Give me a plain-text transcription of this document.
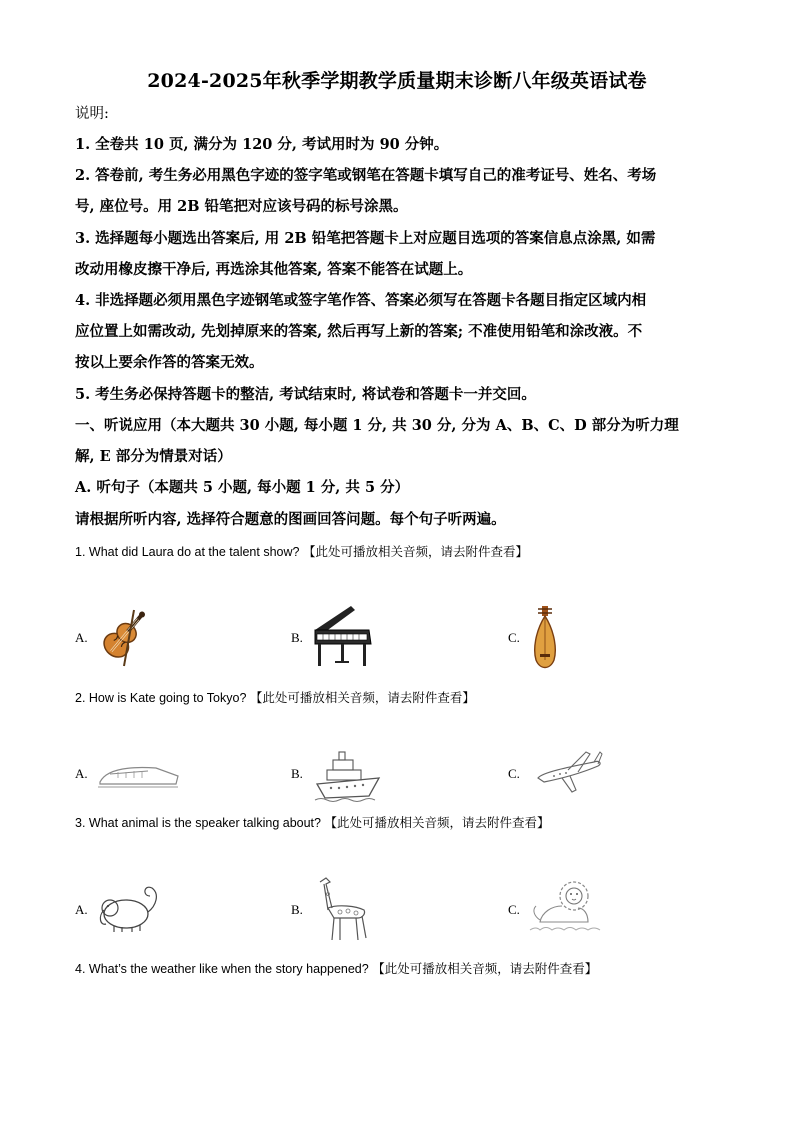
2024-2025年秋季学期教学质量期末诊断八年级英语试卷
说明:
1. 全卷共 10 页, 满分为 120 分, 考试用时为 90 分钟。
2. 答卷前, 考生务必用黑色字迹的签字笔或钢笔在答题卡填写自己的准考证号、姓名、考场
号, 座位号。用 2B 铅笔把对应该号码的标号涂黑。
3. 选择题每小题选出答案后, 用 2B 铅笔把答题卡上对应题目选项的答案信息点涂黑, 如需
改动用橡皮擦干净后, 再选涂其他答案, 答案不能答在试题上。
4. 非选择题必须用黑色字迹钢笔或签字笔作答、答案必须写在答题卡各题目指定区域内相
应位置上如需改动, 先划掉原来的答案, 然后再写上新的答案; 不准使用铅笔和涂改液。不
按以上要余作答的答案无效。
5. 考生务必保持答题卡的整洁, 考试结束时, 将试卷和答题卡一并交回。
一、听说应用（本大题共 30 小题, 每小题 1 分, 共 30 分, 分为 A、B、C、D 部分为听力理
解, E 部分为情景对话）
A. 听句子（本题共 5 小题, 每小题 1 分, 共 5 分）
请根据所听内容, 选择符合题意的图画回答问题。每个句子听两遍。
1. What did Laura do at the talent show? 【此处可播放相关音频，请去附件查看】
A.	B.	C.
2. How is Kate going to Tokyo? 【此处可播放相关音频，请去附件查看】
A.	B.	C.
3. What animal is the speaker talking about? 【此处可播放相关音频，请去附件查看】
A.	B.	C.
4. What’s the weather like when the story happened? 【此处可播放相关音频，请去附件查看】
